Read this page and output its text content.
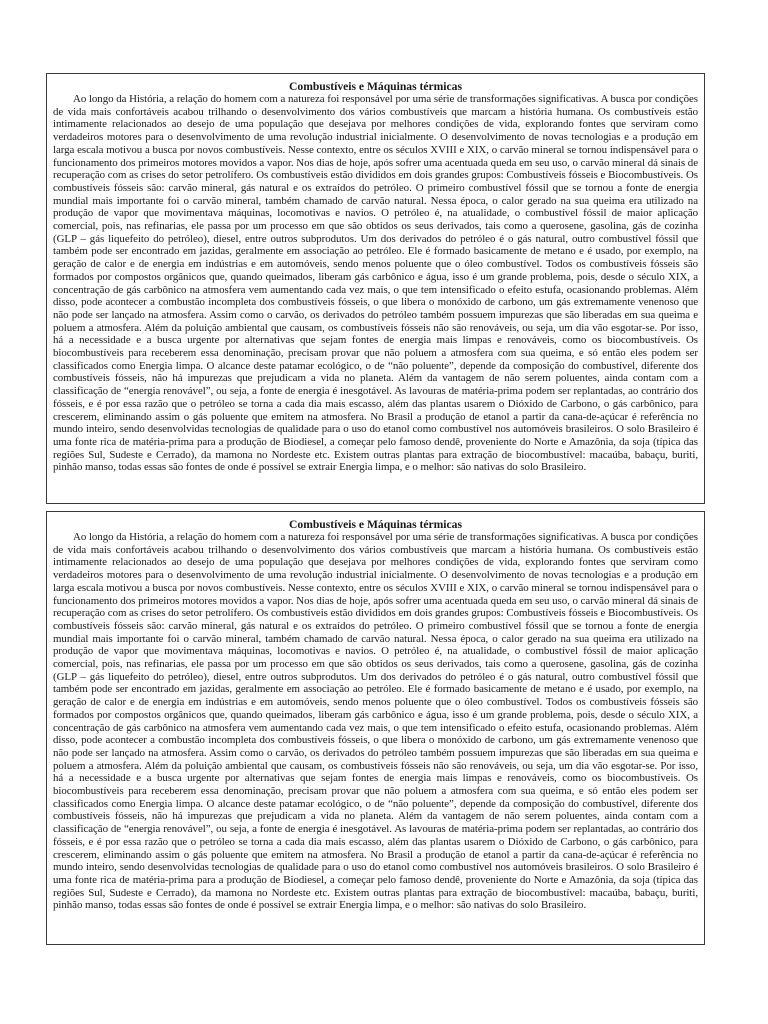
Combustíveis e Máquinas térmicas

Ao longo da História, a relação do homem com a natureza foi responsável por uma série de transformações significativas. A busca por condições de vida mais confortáveis acabou trilhando o desenvolvimento dos vários combustíveis que marcam a história humana. Os combustíveis estão intimamente relacionados ao desejo de uma população que desejava por melhores condições de vida, explorando fontes que serviram como verdadeiros motores para o desenvolvimento de uma revolução industrial inicialmente. O desenvolvimento de novas tecnologias e a produção em larga escala motivou a busca por novos combustíveis. Nesse contexto, entre os séculos XVIII e XIX, o carvão mineral se tornou indispensável para o funcionamento dos primeiros motores movidos a vapor. Nos dias de hoje, após sofrer uma acentuada queda em seu uso, o carvão mineral dá sinais de recuperação com as crises do setor petrolífero. Os combustíveis estão divididos em dois grandes grupos: Combustíveis fósseis e Biocombustíveis. Os combustíveis fósseis são: carvão mineral, gás natural e os extraídos do petróleo. O primeiro combustível fóssil que se tornou a fonte de energia mundial mais importante foi o carvão mineral, também chamado de carvão natural. Nessa época, o calor gerado na sua queima era utilizado na produção de vapor que movimentava máquinas, locomotivas e navios. O petróleo é, na atualidade, o combustível fóssil de maior aplicação comercial, pois, nas refinarias, ele passa por um processo em que são obtidos os seus derivados, tais como a querosene, gasolina, gás de cozinha (GLP – gás liquefeito do petróleo), diesel, entre outros subprodutos. Um dos derivados do petróleo é o gás natural, outro combustível fóssil que também pode ser encontrado em jazidas, geralmente em associação ao petróleo. Ele é formado basicamente de metano e é usado, por exemplo, na geração de calor e de energia em indústrias e em automóveis, sendo menos poluente que o óleo combustível. Todos os combustíveis fósseis são formados por compostos orgânicos que, quando queimados, liberam gás carbônico e água, isso é um grande problema, pois, desde o século XIX, a concentração de gás carbônico na atmosfera vem aumentando cada vez mais, o que tem intensificado o efeito estufa, ocasionando problemas. Além disso, pode acontecer a combustão incompleta dos combustíveis fósseis, o que libera o monóxido de carbono, um gás extremamente venenoso que não pode ser lançado na atmosfera. Assim como o carvão, os derivados do petróleo também possuem impurezas que são liberadas em sua queima e poluem a atmosfera. Além da poluição ambiental que causam, os combustíveis fósseis não são renováveis, ou seja, um dia vão esgotar-se. Por isso, há a necessidade e a busca urgente por alternativas que sejam fontes de energia mais limpas e renováveis, como os biocombustíveis. Os biocombustíveis para receberem essa denominação, precisam provar que não poluem a atmosfera com sua queima, e só então eles podem ser classificados como Energia limpa. O alcance deste patamar ecológico, o de “não poluente”, depende da composição do combustível, diferente dos combustíveis fósseis, não há impurezas que prejudicam a vida no planeta. Além da vantagem de não serem poluentes, ainda contam com a classificação de “energia renovável”, ou seja, a fonte de energia é inesgotável. As lavouras de matéria-prima podem ser replantadas, ao contrário dos fósseis, e é por essa razão que o petróleo se torna a cada dia mais escasso, além das plantas usarem o Dióxido de Carbono, o gás carbônico, para crescerem, eliminando assim o gás poluente que emitem na atmosfera. No Brasil a produção de etanol a partir da cana-de-açúcar é referência no mundo inteiro, sendo desenvolvidas tecnologias de qualidade para o uso do etanol como combustível nos automóveis brasileiros. O solo Brasileiro é uma fonte rica de matéria-prima para a produção de Biodiesel, a começar pelo famoso dendê, proveniente do Norte e Amazônia, da soja (típica das regiões Sul, Sudeste e Cerrado), da mamona no Nordeste etc. Existem outras plantas para extração de biocombustível: macaúba, babaçu, buriti, pinhão manso, todas essas são fontes de onde é possível se extrair Energia limpa, e o melhor: são nativas do solo Brasileiro.

Combustíveis e Máquinas térmicas

Ao longo da História, a relação do homem com a natureza foi responsável por uma série de transformações significativas. A busca por condições de vida mais confortáveis acabou trilhando o desenvolvimento dos vários combustíveis que marcam a história humana. Os combustíveis estão intimamente relacionados ao desejo de uma população que desejava por melhores condições de vida, explorando fontes que serviram como verdadeiros motores para o desenvolvimento de uma revolução industrial inicialmente. O desenvolvimento de novas tecnologias e a produção em larga escala motivou a busca por novos combustíveis. Nesse contexto, entre os séculos XVIII e XIX, o carvão mineral se tornou indispensável para o funcionamento dos primeiros motores movidos a vapor. Nos dias de hoje, após sofrer uma acentuada queda em seu uso, o carvão mineral dá sinais de recuperação com as crises do setor petrolífero. Os combustíveis estão divididos em dois grandes grupos: Combustíveis fósseis e Biocombustíveis. Os combustíveis fósseis são: carvão mineral, gás natural e os extraídos do petróleo. O primeiro combustível fóssil que se tornou a fonte de energia mundial mais importante foi o carvão mineral, também chamado de carvão natural. Nessa época, o calor gerado na sua queima era utilizado na produção de vapor que movimentava máquinas, locomotivas e navios. O petróleo é, na atualidade, o combustível fóssil de maior aplicação comercial, pois, nas refinarias, ele passa por um processo em que são obtidos os seus derivados, tais como a querosene, gasolina, gás de cozinha (GLP – gás liquefeito do petróleo), diesel, entre outros subprodutos. Um dos derivados do petróleo é o gás natural, outro combustível fóssil que também pode ser encontrado em jazidas, geralmente em associação ao petróleo. Ele é formado basicamente de metano e é usado, por exemplo, na geração de calor e de energia em indústrias e em automóveis, sendo menos poluente que o óleo combustível. Todos os combustíveis fósseis são formados por compostos orgânicos que, quando queimados, liberam gás carbônico e água, isso é um grande problema, pois, desde o século XIX, a concentração de gás carbônico na atmosfera vem aumentando cada vez mais, o que tem intensificado o efeito estufa, ocasionando problemas. Além disso, pode acontecer a combustão incompleta dos combustíveis fósseis, o que libera o monóxido de carbono, um gás extremamente venenoso que não pode ser lançado na atmosfera. Assim como o carvão, os derivados do petróleo também possuem impurezas que são liberadas em sua queima e poluem a atmosfera. Além da poluição ambiental que causam, os combustíveis fósseis não são renováveis, ou seja, um dia vão esgotar-se. Por isso, há a necessidade e a busca urgente por alternativas que sejam fontes de energia mais limpas e renováveis, como os biocombustíveis. Os biocombustíveis para receberem essa denominação, precisam provar que não poluem a atmosfera com sua queima, e só então eles podem ser classificados como Energia limpa. O alcance deste patamar ecológico, o de “não poluente”, depende da composição do combustível, diferente dos combustíveis fósseis, não há impurezas que prejudicam a vida no planeta. Além da vantagem de não serem poluentes, ainda contam com a classificação de “energia renovável”, ou seja, a fonte de energia é inesgotável. As lavouras de matéria-prima podem ser replantadas, ao contrário dos fósseis, e é por essa razão que o petróleo se torna a cada dia mais escasso, além das plantas usarem o Dióxido de Carbono, o gás carbônico, para crescerem, eliminando assim o gás poluente que emitem na atmosfera. No Brasil a produção de etanol a partir da cana-de-açúcar é referência no mundo inteiro, sendo desenvolvidas tecnologias de qualidade para o uso do etanol como combustível nos automóveis brasileiros. O solo Brasileiro é uma fonte rica de matéria-prima para a produção de Biodiesel, a começar pelo famoso dendê, proveniente do Norte e Amazônia, da soja (típica das regiões Sul, Sudeste e Cerrado), da mamona no Nordeste etc. Existem outras plantas para extração de biocombustível: macaúba, babaçu, buriti, pinhão manso, todas essas são fontes de onde é possível se extrair Energia limpa, e o melhor: são nativas do solo Brasileiro.
